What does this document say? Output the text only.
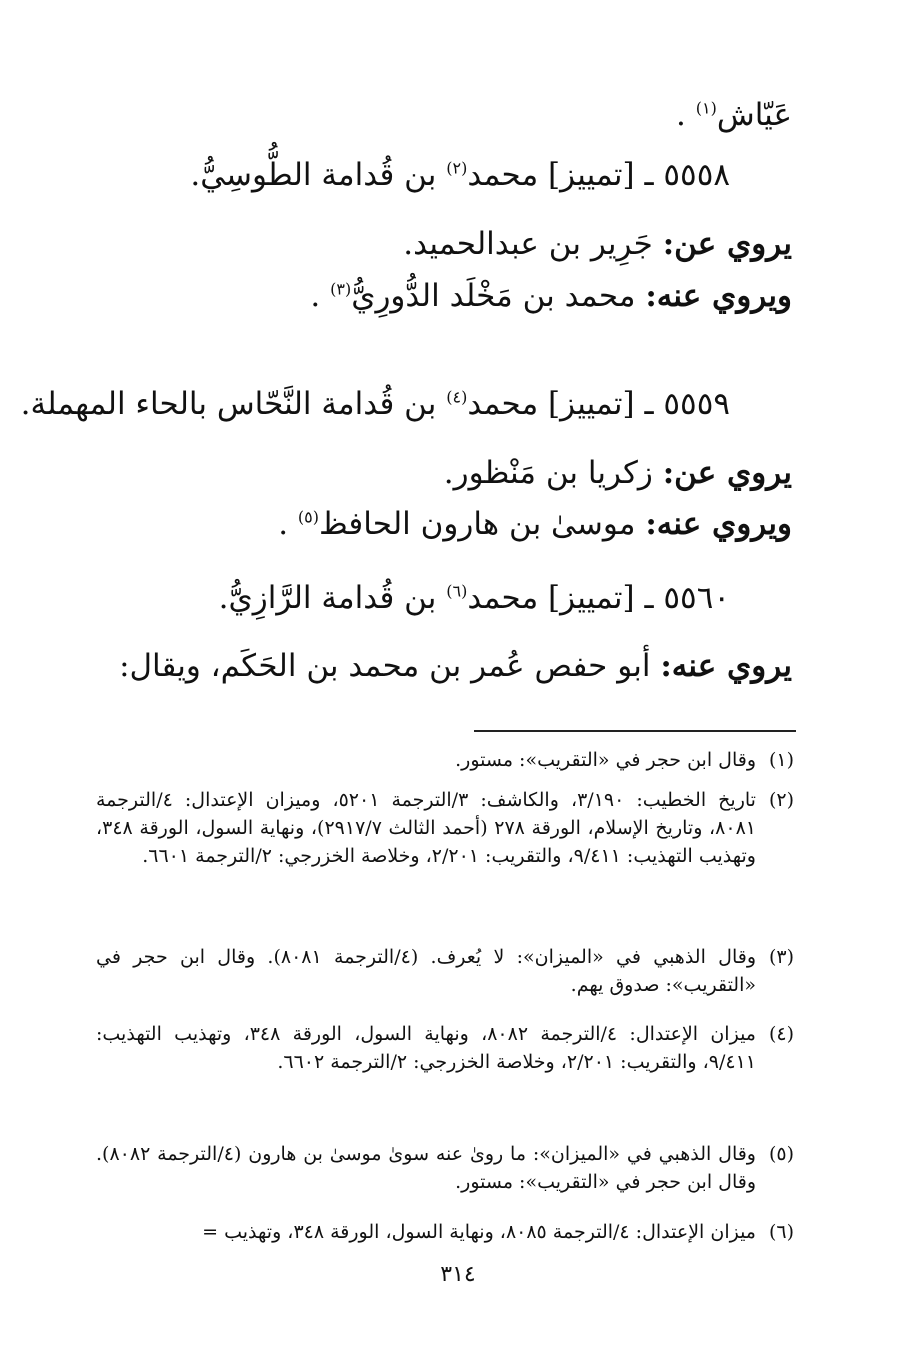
عَيّاش$^{(١)}$ .
٥٥٥٨ ـ [تمييز] محمد$^{(٢)}$ بن قُدامة الطُّوسِيُّ.
يروي عن: جَرِير بن عبدالحميد.
ويروي عنه: محمد بن مَخْلَد الدُّورِيُّ$^{(٣)}$ .
٥٥٥٩ ـ [تمييز] محمد$^{(٤)}$ بن قُدامة النَّحّاس بالحاء المهملة.
يروي عن: زكريا بن مَنْظور.
ويروي عنه: موسىٰ بن هارون الحافظ$^{(٥)}$ .
٥٥٦٠ ـ [تمييز] محمد$^{(٦)}$ بن قُدامة الرَّازِيُّ.
يروي عنه: أبو حفص عُمر بن محمد بن الحَكَم، ويقال:
(١)
وقال ابن حجر في «التقريب»: مستور.
(٢)
تاريخ الخطيب: ٣/١٩٠، والكاشف: ٣/الترجمة ٥٢٠١، وميزان الإعتدال: ٤/الترجمة ٨٠٨١، وتاريخ الإسلام، الورقة ٢٧٨ (أحمد الثالث ٢٩١٧/٧)، ونهاية السول، الورقة ٣٤٨، وتهذيب التهذيب: ٩/٤١١، والتقريب: ٢/٢٠١، وخلاصة الخزرجي: ٢/الترجمة ٦٦٠١.
(٣)
وقال الذهبي في «الميزان»: لا يُعرف. (٤/الترجمة ٨٠٨١). وقال ابن حجر في «التقريب»: صدوق يهم.
(٤)
ميزان الإعتدال: ٤/الترجمة ٨٠٨٢، ونهاية السول، الورقة ٣٤٨، وتهذيب التهذيب: ٩/٤١١، والتقريب: ٢/٢٠١، وخلاصة الخزرجي: ٢/الترجمة ٦٦٠٢.
(٥)
وقال الذهبي في «الميزان»: ما روىٰ عنه سوىٰ موسىٰ بن هارون (٤/الترجمة ٨٠٨٢). وقال ابن حجر في «التقريب»: مستور.
(٦)
ميزان الإعتدال: ٤/الترجمة ٨٠٨٥، ونهاية السول، الورقة ٣٤٨، وتهذيب =
٣١٤
